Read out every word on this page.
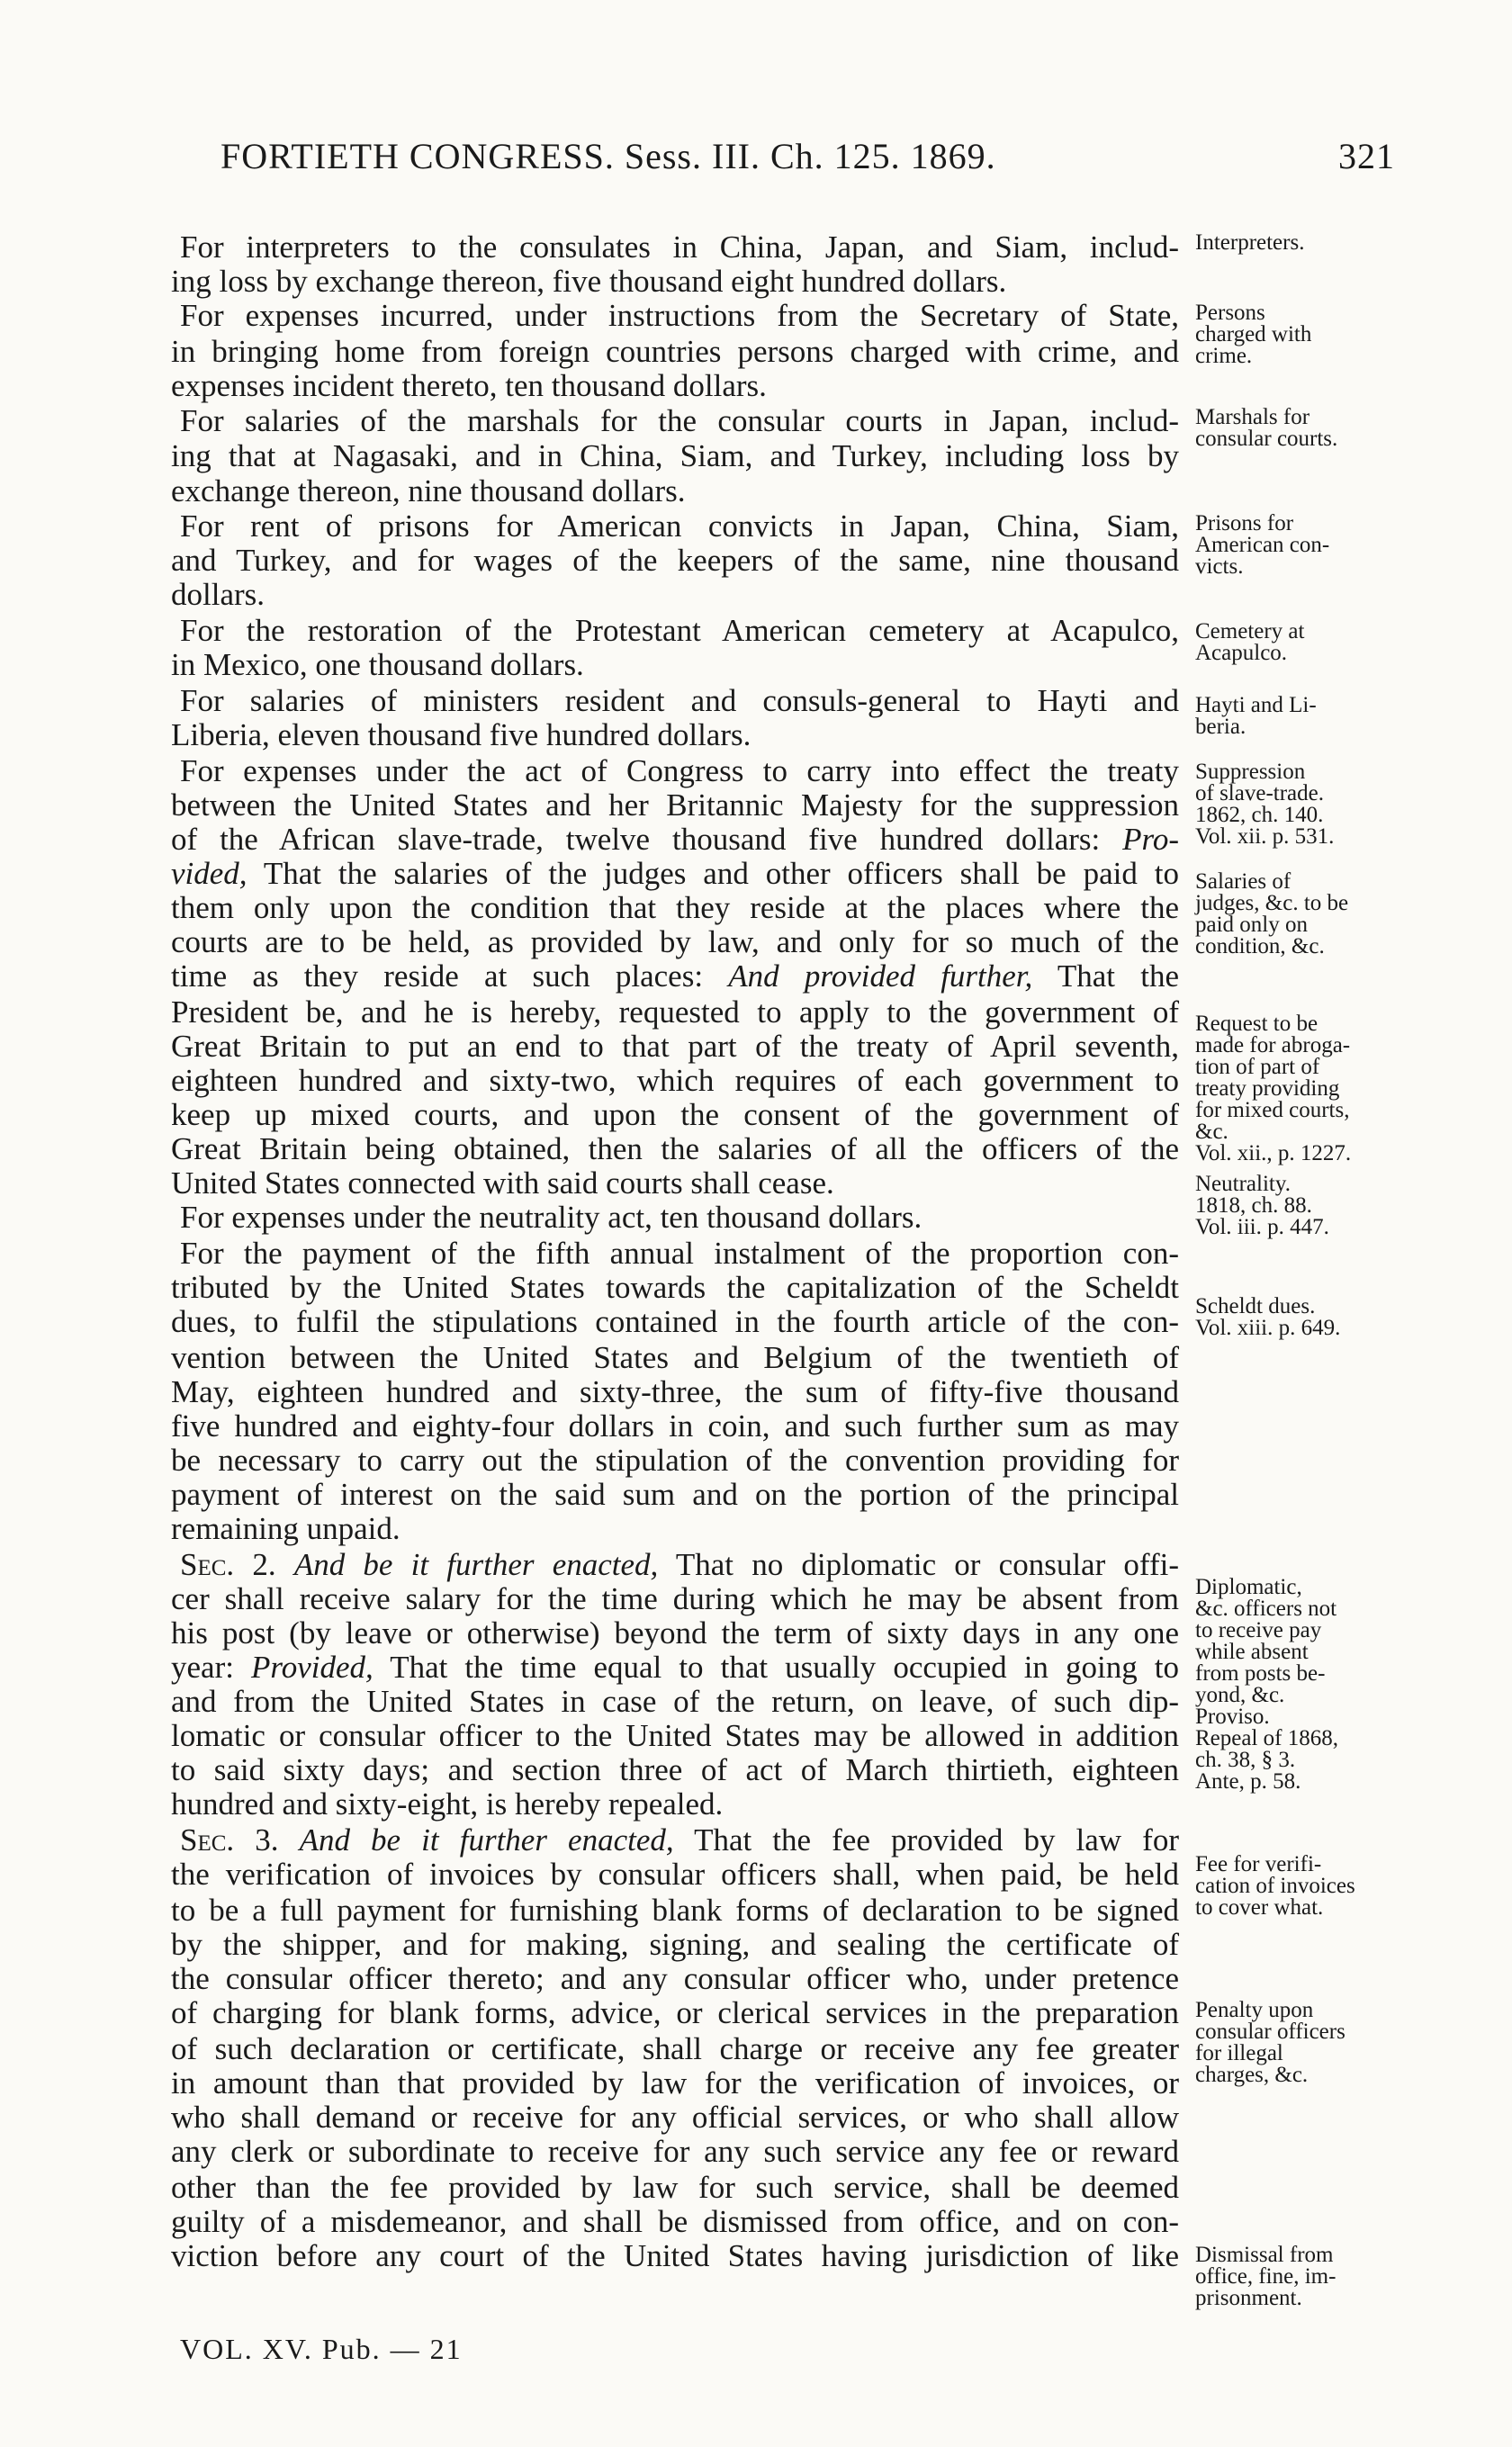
FORTIETH CONGRESS. Sess. III. Ch. 125. 1869.	321
For interpreters to the consulates in China, Japan, and Siam, includ-
ing loss by exchange thereon, five thousand eight hundred dollars.
For expenses incurred, under instructions from the Secretary of State,
in bringing home from foreign countries persons charged with crime, and
expenses incident thereto, ten thousand dollars.
For salaries of the marshals for the consular courts in Japan, includ-
ing that at Nagasaki, and in China, Siam, and Turkey, including loss by
exchange thereon, nine thousand dollars.
For rent of prisons for American convicts in Japan, China, Siam,
and Turkey, and for wages of the keepers of the same, nine thousand
dollars.
For the restoration of the Protestant American cemetery at Acapulco,
in Mexico, one thousand dollars.
For salaries of ministers resident and consuls-general to Hayti and
Liberia, eleven thousand five hundred dollars.
For expenses under the act of Congress to carry into effect the treaty
between the United States and her Britannic Majesty for the suppression
of the African slave-trade, twelve thousand five hundred dollars: Pro-
vided, That the salaries of the judges and other officers shall be paid to
them only upon the condition that they reside at the places where the
courts are to be held, as provided by law, and only for so much of the
time as they reside at such places: And provided further, That the
President be, and he is hereby, requested to apply to the government of
Great Britain to put an end to that part of the treaty of April seventh,
eighteen hundred and sixty-two, which requires of each government to
keep up mixed courts, and upon the consent of the government of
Great Britain being obtained, then the salaries of all the officers of the
United States connected with said courts shall cease.
For expenses under the neutrality act, ten thousand dollars.
For the payment of the fifth annual instalment of the proportion con-
tributed by the United States towards the capitalization of the Scheldt
dues, to fulfil the stipulations contained in the fourth article of the con-
vention between the United States and Belgium of the twentieth of
May, eighteen hundred and sixty-three, the sum of fifty-five thousand
five hundred and eighty-four dollars in coin, and such further sum as may
be necessary to carry out the stipulation of the convention providing for
payment of interest on the said sum and on the portion of the principal
remaining unpaid.
Sec. 2. And be it further enacted, That no diplomatic or consular offi-
cer shall receive salary for the time during which he may be absent from
his post (by leave or otherwise) beyond the term of sixty days in any one
year: Provided, That the time equal to that usually occupied in going to
and from the United States in case of the return, on leave, of such dip-
lomatic or consular officer to the United States may be allowed in addition
to said sixty days; and section three of act of March thirtieth, eighteen
hundred and sixty-eight, is hereby repealed.
Sec. 3. And be it further enacted, That the fee provided by law for
the verification of invoices by consular officers shall, when paid, be held
to be a full payment for furnishing blank forms of declaration to be signed
by the shipper, and for making, signing, and sealing the certificate of
the consular officer thereto; and any consular officer who, under pretence
of charging for blank forms, advice, or clerical services in the preparation
of such declaration or certificate, shall charge or receive any fee greater
in amount than that provided by law for the verification of invoices, or
who shall demand or receive for any official services, or who shall allow
any clerk or subordinate to receive for any such service any fee or reward
other than the fee provided by law for such service, shall be deemed
guilty of a misdemeanor, and shall be dismissed from office, and on con-
viction before any court of the United States having jurisdiction of like
Interpreters.
Persons
charged with
crime.
Marshals for
consular courts.
Prisons for
American con-
victs.
Cemetery at
Acapulco.
Hayti and Li-
beria.
Suppression
of slave-trade.
1862, ch. 140.
Vol. xii. p. 531.
Salaries of
judges, &c. to be
paid only on
condition, &c.
Request to be
made for abroga-
tion of part of
treaty providing
for mixed courts,
&c.
Vol. xii., p. 1227.
Neutrality.
1818, ch. 88.
Vol. iii. p. 447.
Scheldt dues.
Vol. xiii. p. 649.
Diplomatic,
&c. officers not
to receive pay
while absent
from posts be-
yond, &c.
Proviso.
Repeal of 1868,
ch. 38, § 3.
Ante, p. 58.
Fee for verifi-
cation of invoices
to cover what.
Penalty upon
consular officers
for illegal
charges, &c.
Dismissal from
office, fine, im-
prisonment.
VOL. XV. Pub. — 21
